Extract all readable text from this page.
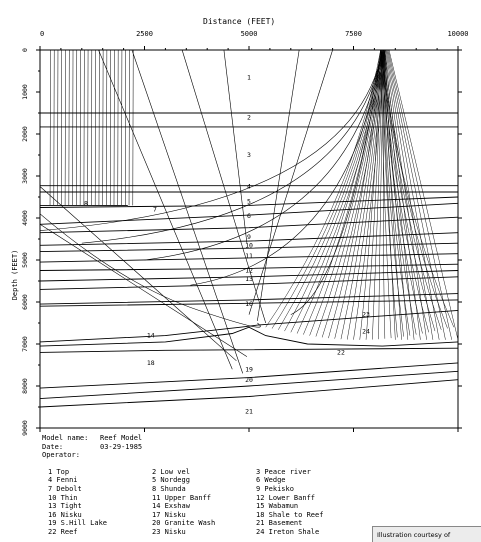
Distance (FEET)
0	2500	5000	7500	10000
0
1000
2000
3000
4000
5000
6000
7000
8000
9000
Depth (FEET)
1
2
3
4
5
6
9
10
11
12
13
16
8
7
14
18
19
20
21
22
24
23
Model name:	Reef Model
Date:	03-29-1985
Operator:
1 Top	2 Low vel	3 Peace river
4 Fenni	5 Nordegg	6 Wedge
7 Debolt	8 Shunda	9 Pekisko
10 Thin	11 Upper Banff	12 Lower Banff
13 Tight	14 Exshaw	15 Wabamun
16 Nisku	17 Nisku	18 Shale to Reef
19 S.Hill Lake	20 Granite Wash	21 Basement
22 Reef	23 Nisku	24 Ireton Shale	Illustration courtesy of
